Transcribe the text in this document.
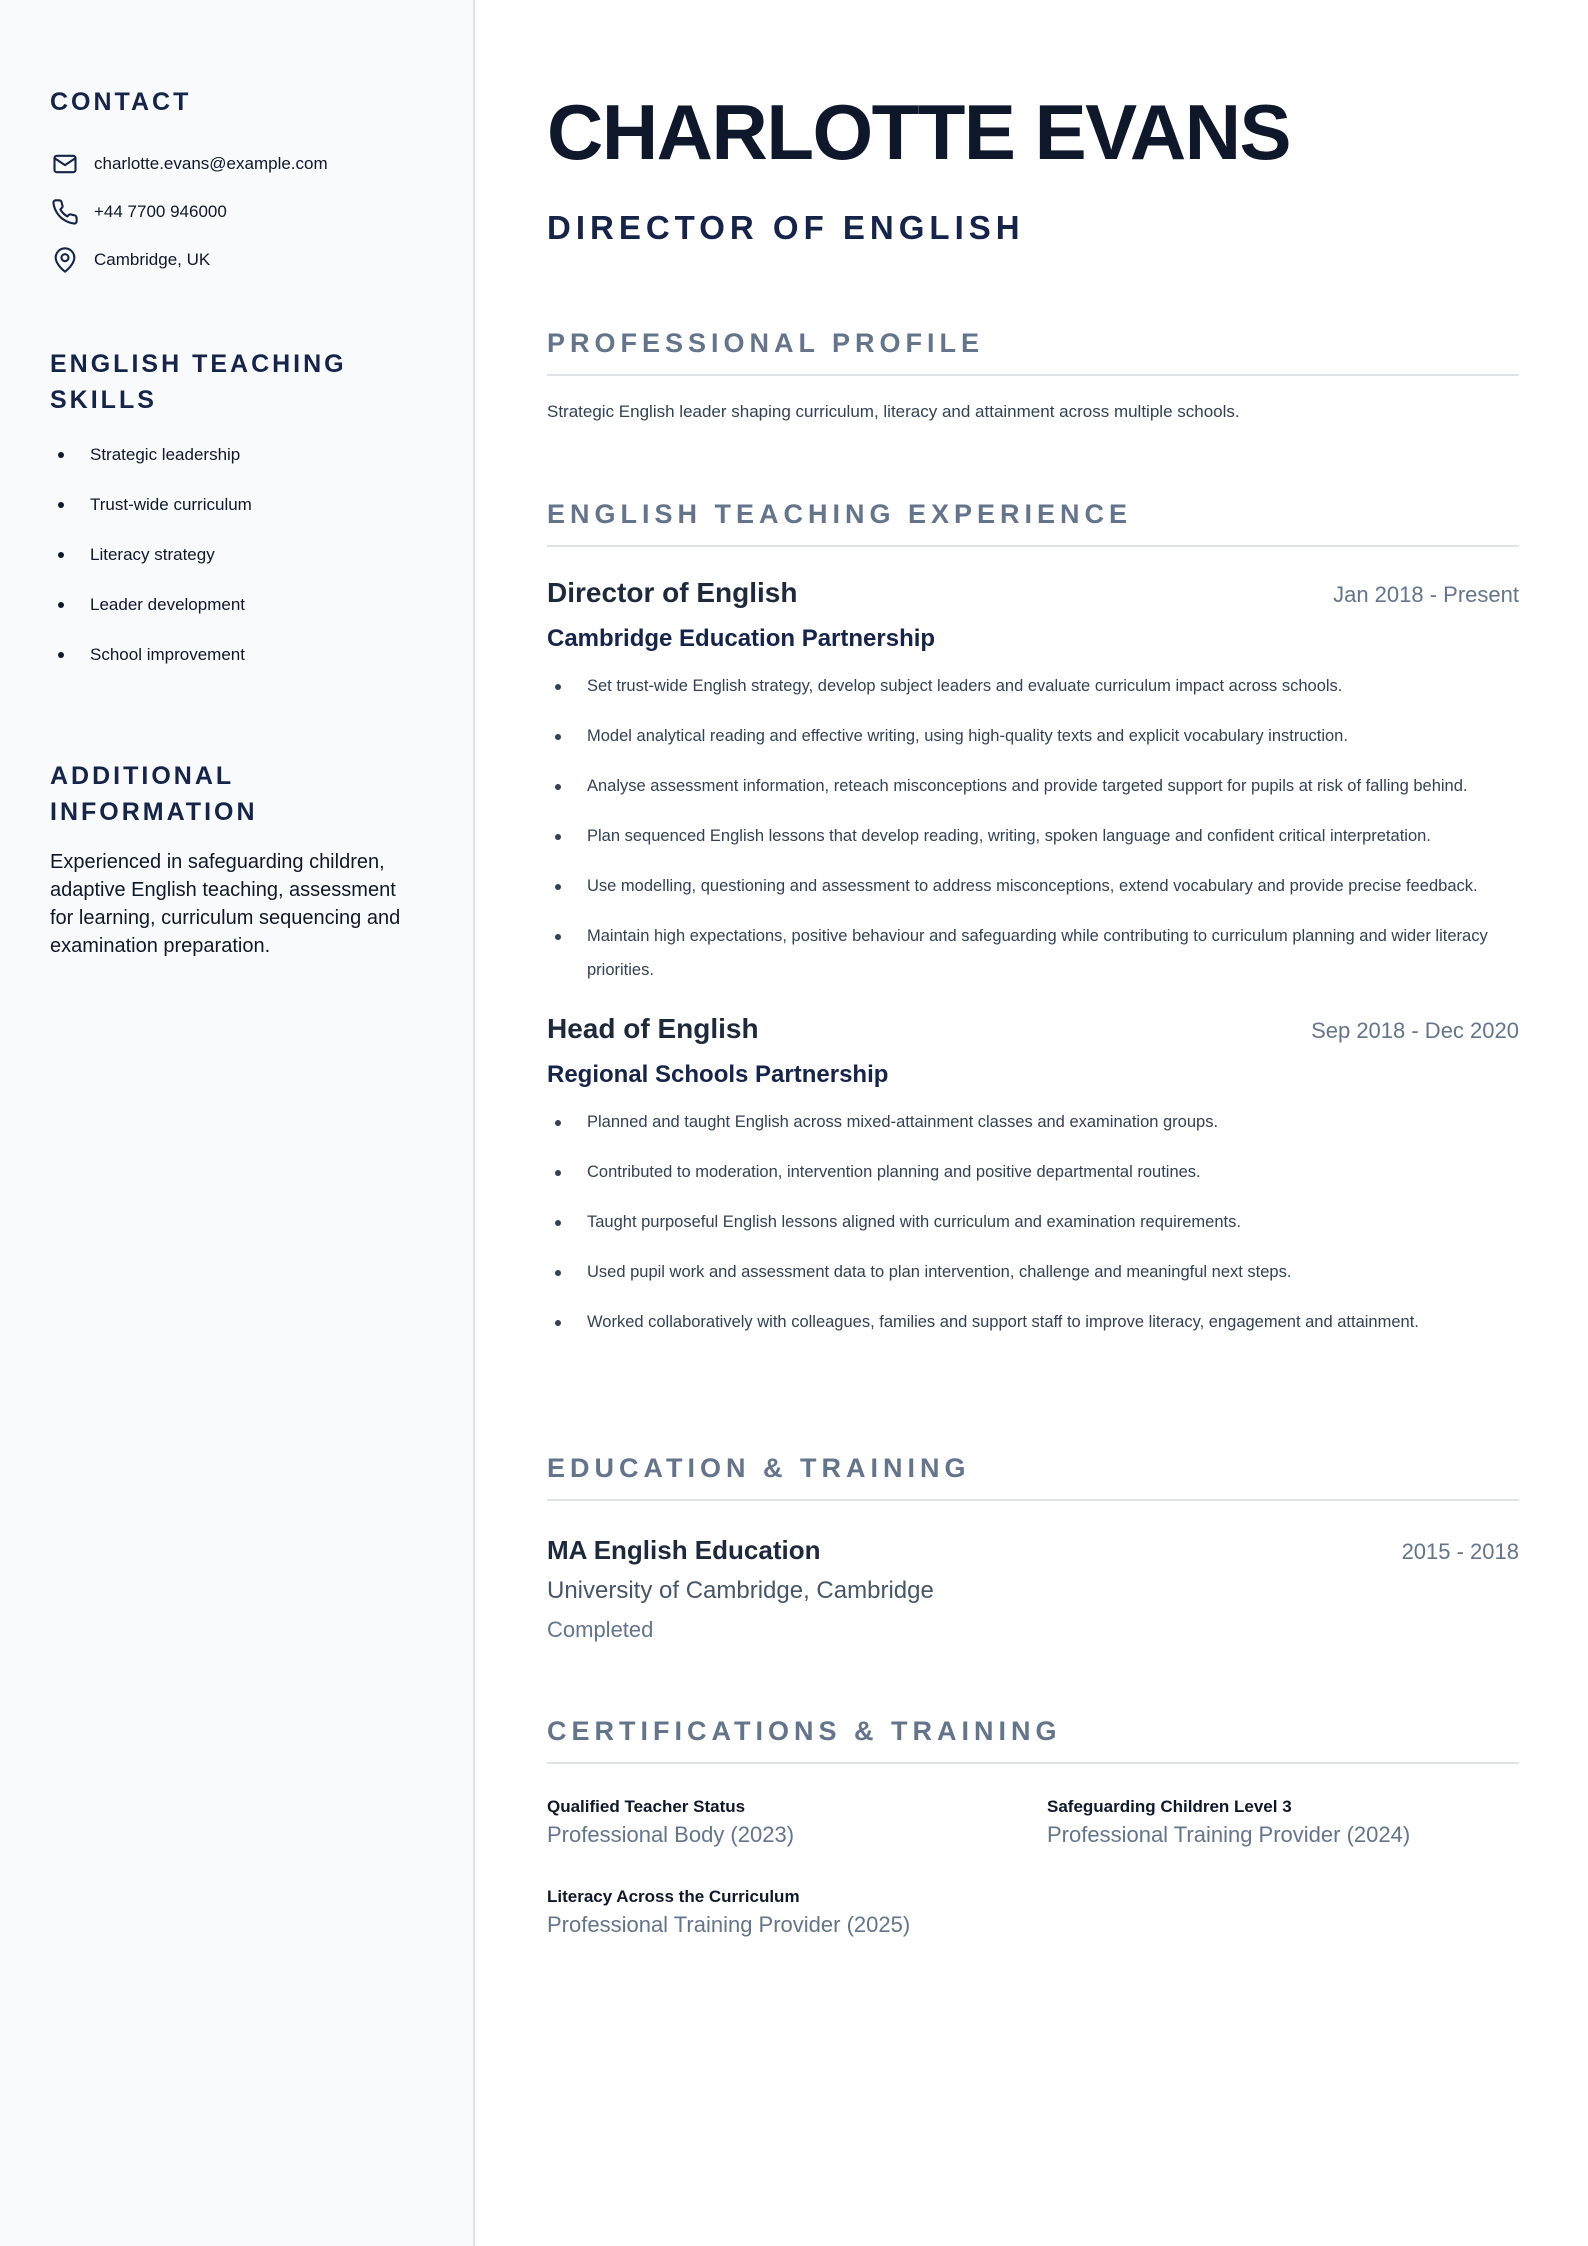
CONTACT
charlotte.evans@example.com
+44 7700 946000
Cambridge, UK
ENGLISH TEACHING SKILLS
Strategic leadership
Trust-wide curriculum
Literacy strategy
Leader development
School improvement
ADDITIONAL INFORMATION

Experienced in safeguarding children, adaptive English teaching, assessment for learning, curriculum sequencing and examination preparation.

CHARLOTTE EVANS
DIRECTOR OF ENGLISH
PROFESSIONAL PROFILE

Strategic English leader shaping curriculum, literacy and attainment across multiple schools.

ENGLISH TEACHING EXPERIENCE
Director of English	Jan 2018 - Present
Cambridge Education Partnership
Set trust-wide English strategy, develop subject leaders and evaluate curriculum impact across schools.
Model analytical reading and effective writing, using high-quality texts and explicit vocabulary instruction.
Analyse assessment information, reteach misconceptions and provide targeted support for pupils at risk of falling behind.
Plan sequenced English lessons that develop reading, writing, spoken language and confident critical interpretation.
Use modelling, questioning and assessment to address misconceptions, extend vocabulary and provide precise feedback.
Maintain high expectations, positive behaviour and safeguarding while contributing to curriculum planning and wider literacy priorities.
Head of English	Sep 2018 - Dec 2020
Regional Schools Partnership
Planned and taught English across mixed-attainment classes and examination groups.
Contributed to moderation, intervention planning and positive departmental routines.
Taught purposeful English lessons aligned with curriculum and examination requirements.
Used pupil work and assessment data to plan intervention, challenge and meaningful next steps.
Worked collaboratively with colleagues, families and support staff to improve literacy, engagement and attainment.
EDUCATION & TRAINING
MA English Education	2015 - 2018
University of Cambridge, Cambridge
Completed
CERTIFICATIONS & TRAINING
Qualified Teacher Status
Professional Body (2023)
Safeguarding Children Level 3
Professional Training Provider (2024)
Literacy Across the Curriculum
Professional Training Provider (2025)
